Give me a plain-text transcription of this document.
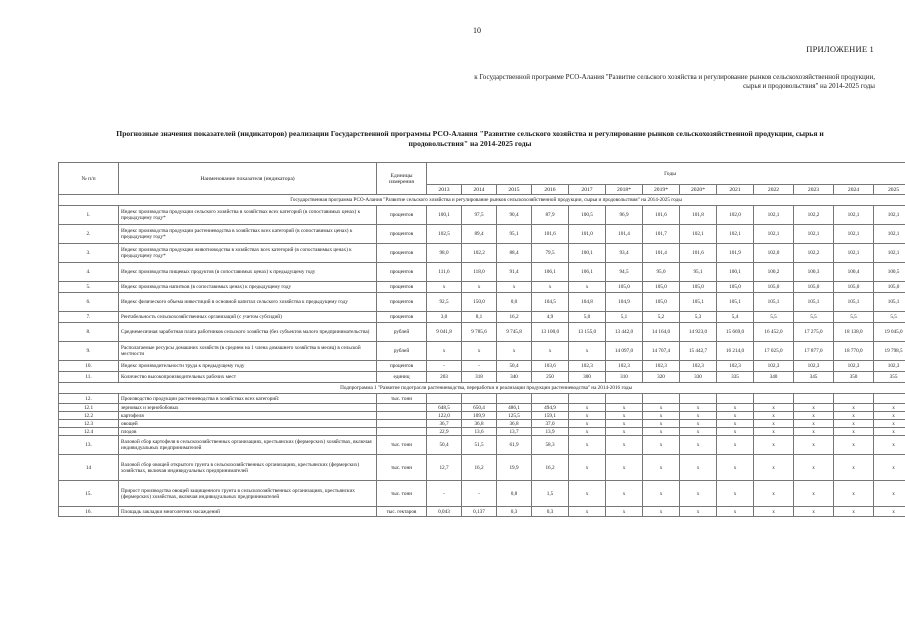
10
ПРИЛОЖЕНИЕ 1
к Государственной программе РСО-Алания "Развитие сельского хозяйства и регулирование рынков сельскохозяйственной продукции, сырья и продовольствия" на 2014-2025 годы
Прогнозные значения показателей (индикаторов) реализации Государственной программы РСО-Алания "Развитие сельского хозяйства и регулирование рынков сельскохозяйственной продукции, сырья и продовольствия" на 2014-2025 годы
№ п/п	Наименование показателя (индикатора)	Единицы измерения	Годы												
			2013	2014	2015	2016	2017	2018*	2019*	2020*	2021	2022	2023	2024	2025
Государственная программа РСО-Алания "Развитие сельского хозяйства и регулирование рынков сельскохозяйственной продукции, сырья и продовольствия" на 2014-2025 годы															
1.	Индекс производства продукции сельского хозяйства в хозяйствах всех категорий (в сопоставимых ценах) к предыдущему году*	процентов	100,1	97,5	90,4	87,9	100,5	96,9	101,6	101,8	102,0	102,1	102,2	102,1	102,1
2.	Индекс производства продукции растениеводства в хозяйствах всех категорий (в сопоставимых ценах) к предыдущему году*	процентов	102,5	89,4	95,1	101,6	101,0	101,4	101,7	102,1	102,1	102,1	102,1	102,1	102,1
3.	Индекс производства продукции животноводства в хозяйствах всех категорий (в сопоставимых ценах) к предыдущему году*	процентов	98,0	102,2	88,4	79,5	100,1	93,4	101,4	101,6	101,9	102,0	102,2	102,1	102,1
4.	Индекс производства пищевых продуктов (в сопоставимых ценах) к предыдущему году	процентов	111,6	118,0	91,4	106,1	106,1	94,5	95,0	95,1	100,1	100,2	100,3	100,4	100,5
5.	Индекс производства напитков (в сопоставимых ценах) к предыдущему году	процентов	х	х	х	х	х	105,0	105,0	105,0	105,0	105,0	105,0	105,0	105,0
6.	Индекс физического объема инвестиций в основной капитал сельского хозяйства к предыдущему году	процентов	92,5	150,0	0,0	104,5	104,8	104,9	105,0	105,1	105,1	105,1	105,1	105,1	105,1
7.	Рентабельность сельскохозяйственных организаций (с учетом субсидий)	процентов	3,0	8,1	16,2	4,9	5,0	5,1	5,2	5,3	5,4	5,5	5,5	5,5	5,5
8.	Среднемесячная заработная плата работников сельского хозяйства (без субъектов малого предпринимательства)	рублей	9 041,8	9 785,6	9 745,8	13 100,0	13 155,0	13 442,0	14 164,0	14 923,0	15 669,0	16 452,0	17 275,0	18 138,0	19 045,0
9.	Располагаемые ресурсы домашних хозяйств (в среднем на 1 члена домашнего хозяйства в месяц) в сельской местности	рублей	х	х	х	х	х	14 097,0	14 707,4	15 442,7	16 214,0	17 025,0	17 877,0	18 770,0	19 798,5
10.	Индекс производительности труда к предыдущему году	процентов	-	-	50,4	103,6	102,3	102,3	102,3	102,3	102,3	102,3	102,3	102,3	102,3
11.	Количество высокопроизводительных рабочих мест	единиц	203	318	340	250	300	310	320	330	335	340	345	350	355
Подпрограмма 1 "Развитие подотрасли растениеводства, переработки и реализации продукции растениеводства" на 2014-2016 годы															
12.	Производство продукции растениеводства в хозяйствах всех категорий:	тыс. тонн													
12.1	зерновых и зернобобовых		648,5	650,4	486,1	494,9	х	х	х	х	х	х	х	х	х
12.2	картофеля		122,0	109,9	125,5	159,1	х	х	х	х	х	х	х	х	х
12.3	овощей		36,7	36,8	36,8	37,0	х	х	х	х	х	х	х	х	х
12.4	плодов		22,9	13,6	13,7	13,9	х	х	х	х	х	х	х	х	х
13.	Валовой сбор картофеля в сельскохозяйственных организациях, крестьянских (фермерских) хозяйствах, включая индивидуальных предпринимателей	тыс. тонн	50,4	51,5	61,9	58,3	х	х	х	х	х	х	х	х	х
14	Валовой сбор овощей открытого грунта в сельскохозяйственных организациях, крестьянских (фермерских) хозяйствах, включая индивидуальных предпринимателей	тыс. тонн	12,7	16,2	19,9	16,2	х	х	х	х	х	х	х	х	х
15.	Прирост производства овощей защищенного грунта в сельскохозяйственных организациях, крестьянских (фермерских) хозяйствах, включая индивидуальных предпринимателей	тыс. тонн	-	-	0,8	1,5	х	х	х	х	х	х	х	х	х
16.	Площадь закладки многолетних насаждений	тыс. гектаров	0,043	0,137	0,3	0,3	х	х	х	х	х	х	х	х	х
